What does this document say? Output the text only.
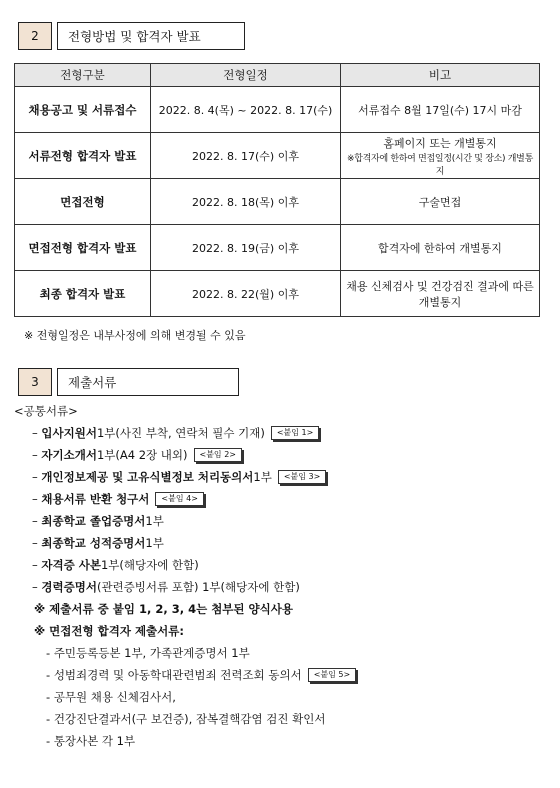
2	전형방법 및 합격자 발표
전형구분	전형일정	비고
채용공고 및 서류접수	2022. 8. 4(목) ~ 2022. 8. 17(수)	서류접수 8월 17일(수) 17시 마감
서류전형 합격자 발표	2022. 8. 17(수) 이후	홈페이지 또는 개별통지
※합격자에 한하여 면접일정(시간 및 장소) 개별통지

면접전형	2022. 8. 18(목) 이후	구술면접
면접전형 합격자 발표	2022. 8. 19(금) 이후	합격자에 한하여 개별통지
최종 합격자 발표	2022. 8. 22(월) 이후	채용 신체검사 및 건강검진 결과에 따른 개별통지
※ 전형일정은 내부사정에 의해 변경될 수 있음
3	제출서류
<공통서류>
–
입사지원서 1부(사진 부착, 연락처 필수 기재)	<붙임 1>
–
자기소개서 1부(A4 2장 내외)	<붙임 2>
–
개인정보제공 및 고유식별정보 처리동의서 1부	<붙임 3>
–
채용서류 반환 청구서	<붙임 4>
–
최종학교 졸업증명서 1부
–
최종학교 성적증명서 1부
–
자격증 사본 1부(해당자에 한함)
–
경력증명서 (관련증빙서류 포함) 1부(해당자에 한함)
※ 제출서류 중 붙임 1, 2, 3, 4는 첨부된 양식사용
※ 면접전형 합격자 제출서류:
-
주민등록등본 1부, 가족관계증명서 1부
-
성범죄경력 및 아동학대관련범죄 전력조회 동의서	<붙임 5>
-
공무원 채용 신체검사서,
-
건강진단결과서(구 보건증), 잠복결핵감염 검진 확인서
-
통장사본 각 1부
